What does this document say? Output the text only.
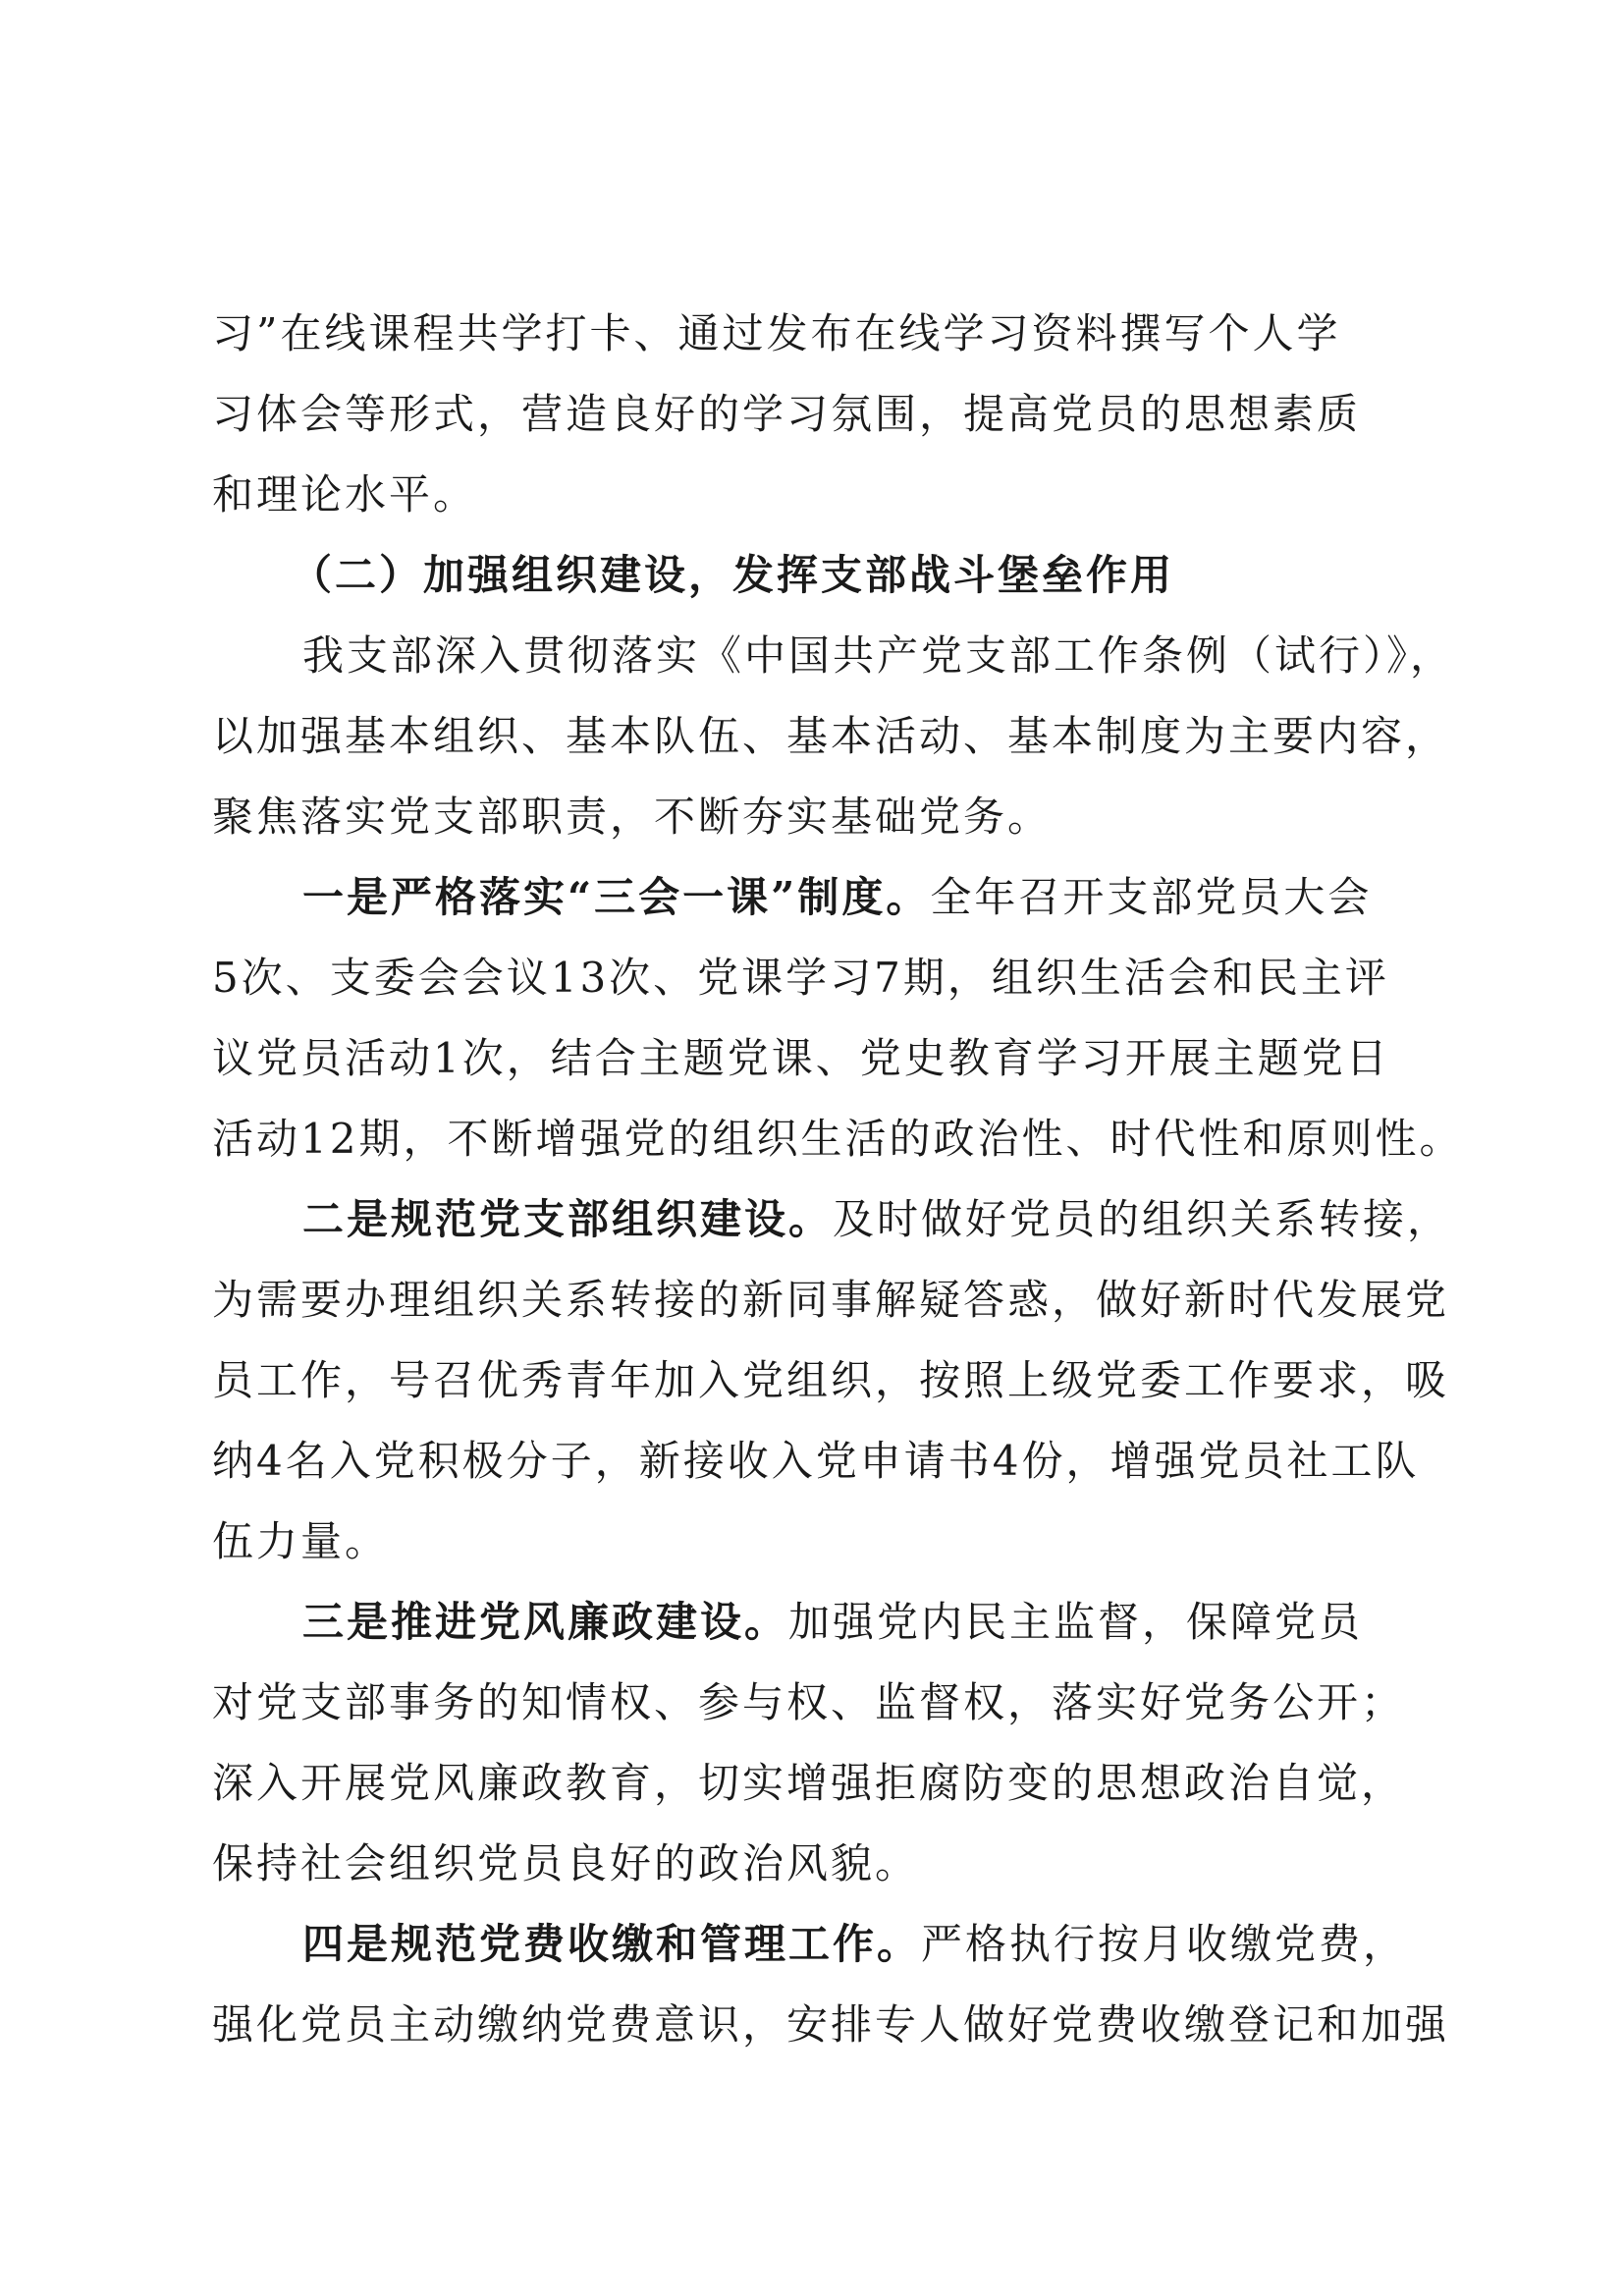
习”在线课程共学打卡、通过发布在线学习资料撰写个人学
习体会等形式，营造良好的学习氛围，提高党员的思想素质
和理论水平。
（二）加强组织建设，发挥支部战斗堡垒作用
我支部深入贯彻落实《中国共产党支部工作条例（试行）》，
以加强基本组织、基本队伍、基本活动、基本制度为主要内容，
聚焦落实党支部职责，不断夯实基础党务。
一是严格落实“三会一课”制度。全年召开支部党员大会
5次、支委会会议13次、党课学习7期，组织生活会和民主评
议党员活动1次，结合主题党课、党史教育学习开展主题党日
活动12期，不断增强党的组织生活的政治性、时代性和原则性。
二是规范党支部组织建设。及时做好党员的组织关系转接，
为需要办理组织关系转接的新同事解疑答惑，做好新时代发展党
员工作，号召优秀青年加入党组织，按照上级党委工作要求，吸
纳4名入党积极分子，新接收入党申请书4份，增强党员社工队
伍力量。
三是推进党风廉政建设。加强党内民主监督，保障党员
对党支部事务的知情权、参与权、监督权，落实好党务公开；
深入开展党风廉政教育，切实增强拒腐防变的思想政治自觉，
保持社会组织党员良好的政治风貌。
四是规范党费收缴和管理工作。严格执行按月收缴党费，
强化党员主动缴纳党费意识，安排专人做好党费收缴登记和加强
